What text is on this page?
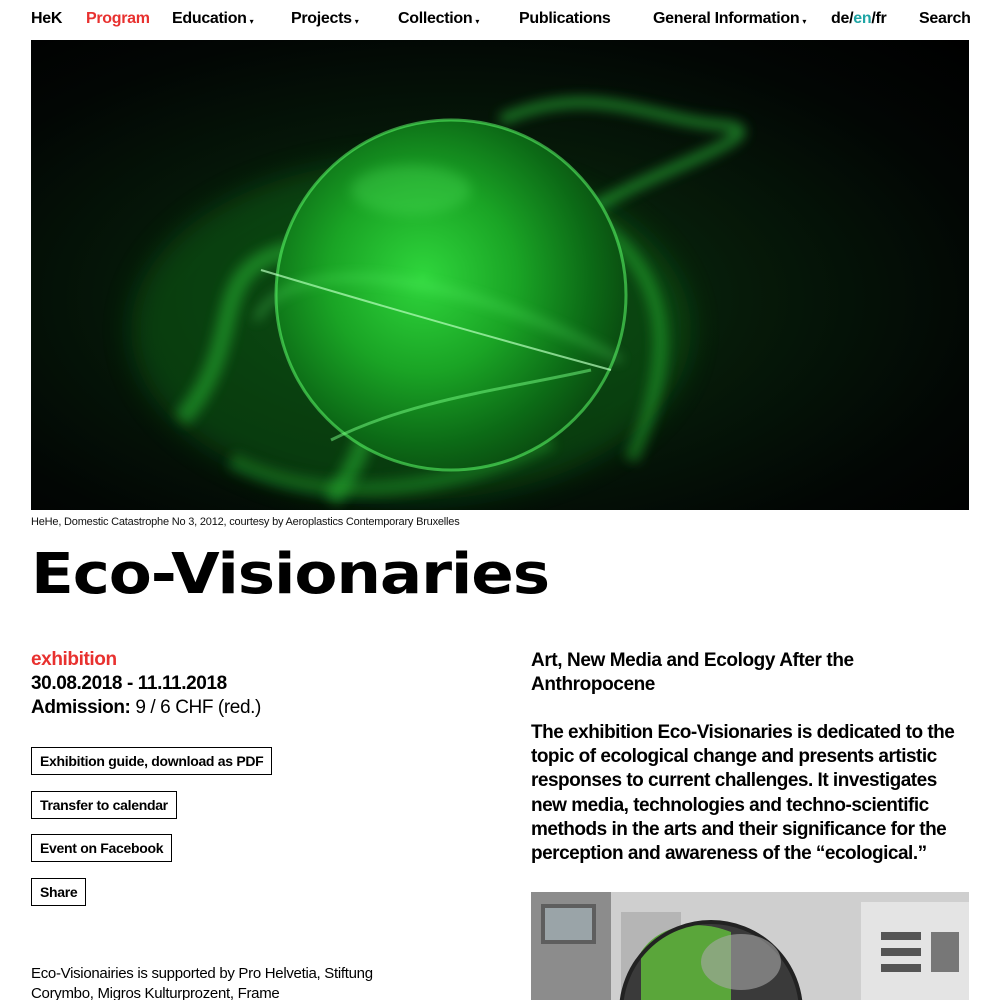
HeK Program Education ▾ Projects ▾ Collection ▾ Publications	General Information ▾ de/en/fr Search
HeHe, Domestic Catastrophe No 3, 2012, courtesy by Aeroplastics Contemporary Bruxelles
Eco-Visionaries
exhibition
30.08.2018 - 11.11.2018
Admission: 9 / 6 CHF (red.)
Exhibition guide, download as PDF
Transfer to calendar
Event on Facebook
Share
Eco-Visionairies is supported by Pro Helvetia, Stiftung Corymbo, Migros Kulturprozent, Frame
Art, New Media and Ecology After the Anthropocene
The exhibition Eco-Visionaries is dedicated to the topic of ecological change and presents artistic responses to current challenges. It investigates new media, technologies and techno-scientific methods in the arts and their significance for the perception and awareness of the “ecological.”
